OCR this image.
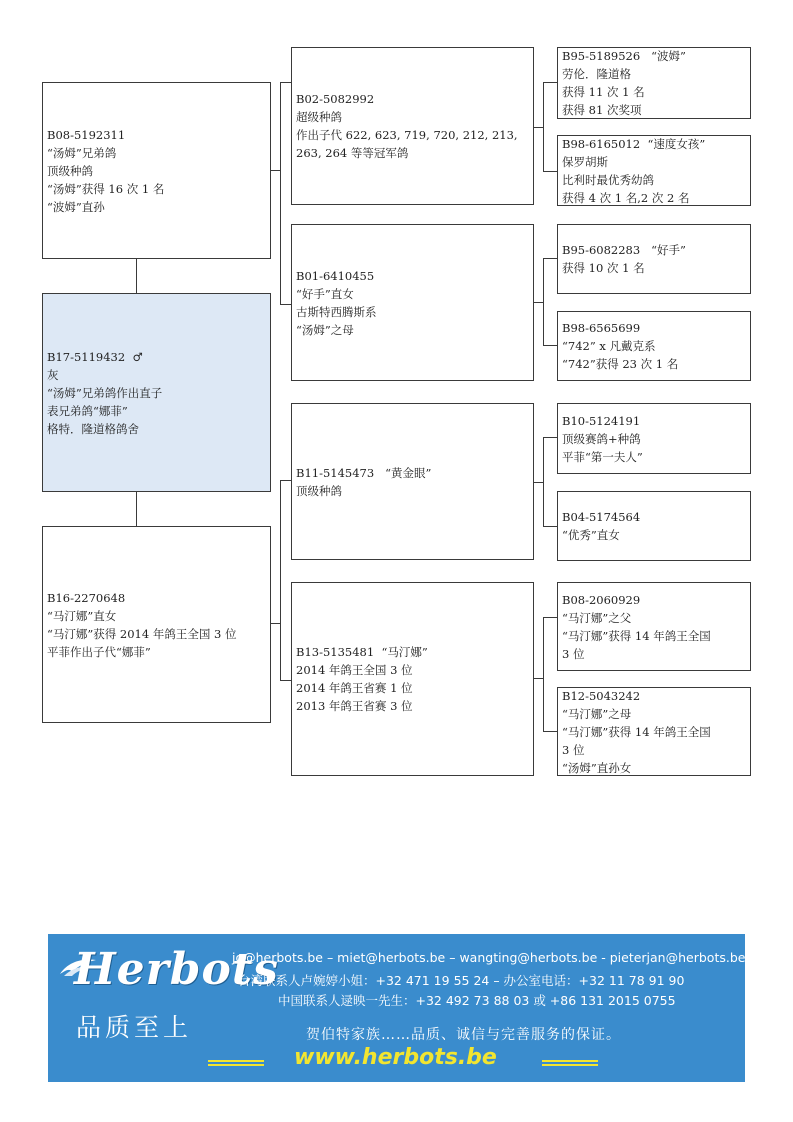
B17-5119432 ♂
灰
“汤姆”兄弟鸽作出直子
表兄弟鸽“娜菲”
格特．隆道格鸽舍
B08-5192311
“汤姆”兄弟鸽
顶级种鸽
“汤姆”获得 16 次 1 名
“波姆”直孙
B16-2270648
“马汀娜”直女
“马汀娜”获得 2014 年鸽王全国 3 位
平菲作出子代“娜菲”
B02-5082992
超级种鸽
作出子代 622, 623, 719, 720, 212, 213,
263, 264 等等冠军鸽
B01-6410455
“好手”直女
古斯特西腾斯系
“汤姆”之母
B11-5145473 “黄金眼”
顶级种鸽
B13-5135481 “马汀娜”
2014 年鸽王全国 3 位
2014 年鸽王省赛 1 位
2013 年鸽王省赛 3 位
B95-5189526 “波姆”
劳伦．隆道格
获得 11 次 1 名
获得 81 次奖项
B98-6165012 “速度女孩”
保罗胡斯
比利时最优秀幼鸽
获得 4 次 1 名,2 次 2 名
B95-6082283 “好手”
获得 10 次 1 名
B98-6565699
“742” x 凡戴克系
“742”获得 23 次 1 名
B10-5124191
顶级赛鸽+种鸽
平菲“第一夫人”
B04-5174564
“优秀”直女
B08-2060929
“马汀娜”之父
“马汀娜”获得 14 年鸽王全国
3 位
B12-5043242
“马汀娜”之母
“马汀娜”获得 14 年鸽王全国
3 位
“汤姆”直孙女
Herbots
品质至上
jo@herbots.be – miet@herbots.be – wangting@herbots.be - pieterjan@herbots.be
台湾联系人卢婉婷小姐：+32 471 19 55 24 – 办公室电话：+32 11 78 91 90
中国联系人逯映一先生：+32 492 73 88 03 或 +86 131 2015 0755
贺伯特家族……品质、诚信与完善服务的保证。
www.herbots.be
